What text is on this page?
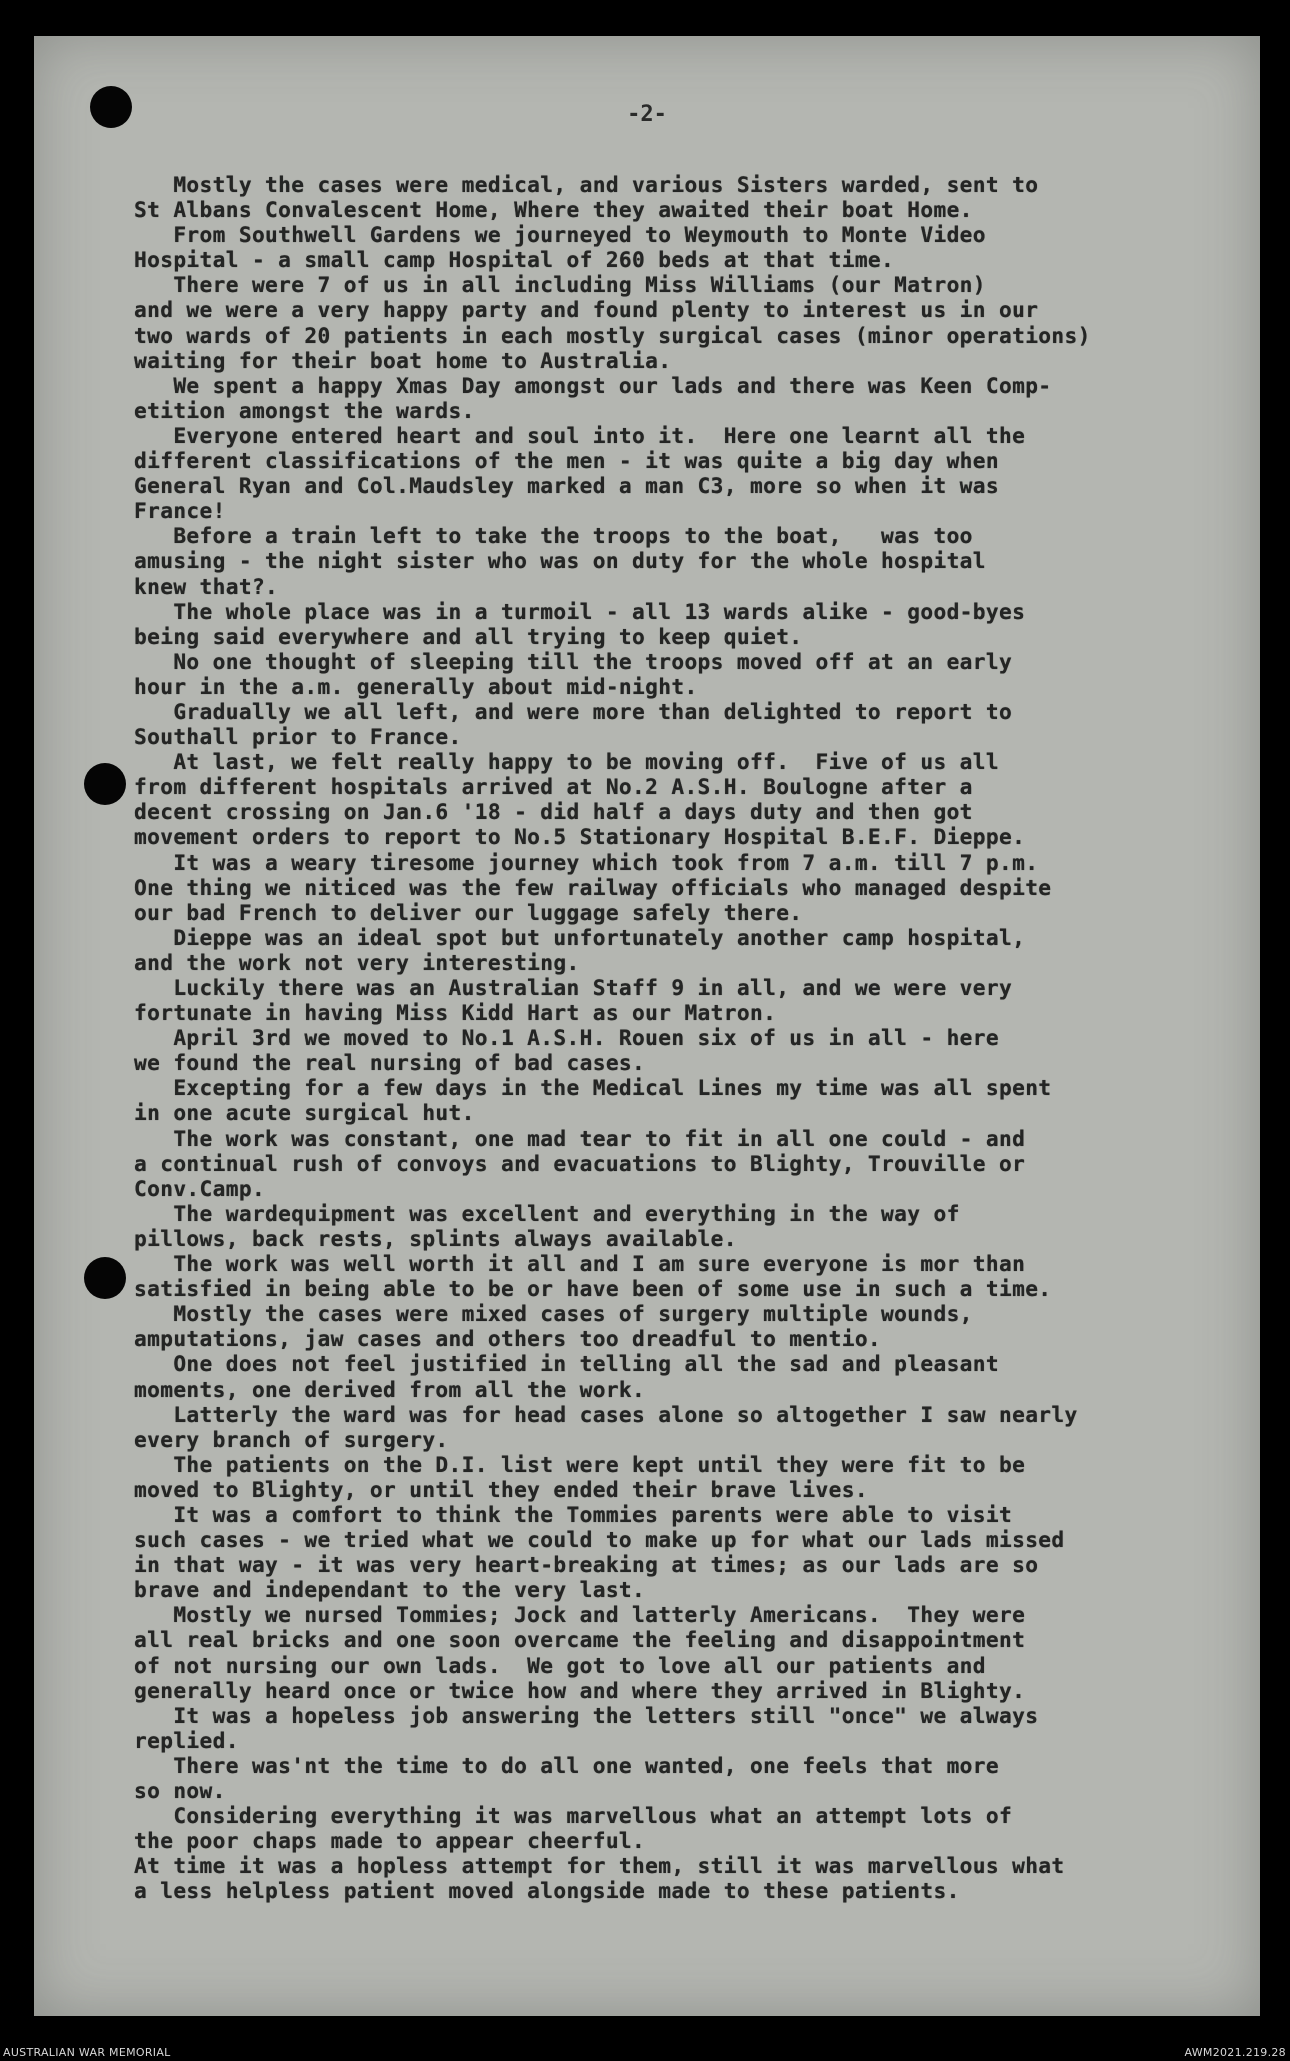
-2-
Mostly the cases were medical, and various Sisters warded, sent to
St Albans Convalescent Home, Where they awaited their boat Home.
From Southwell Gardens we journeyed to Weymouth to Monte Video
Hospital - a small camp Hospital of 260 beds at that time.
There were 7 of us in all including Miss Williams (our Matron)
and we were a very happy party and found plenty to interest us in our
two wards of 20 patients in each mostly surgical cases (minor operations)
waiting for their boat home to Australia.
We spent a happy Xmas Day amongst our lads and there was Keen Comp-
etition amongst the wards.
Everyone entered heart and soul into it.  Here one learnt all the
different classifications of the men - it was quite a big day when
General Ryan and Col.Maudsley marked a man C3, more so when it was
France!
Before a train left to take the troops to the boat,   was too
amusing - the night sister who was on duty for the whole hospital
knew that?.
The whole place was in a turmoil - all 13 wards alike - good-byes
being said everywhere and all trying to keep quiet.
No one thought of sleeping till the troops moved off at an early
hour in the a.m. generally about mid-night.
Gradually we all left, and were more than delighted to report to
Southall prior to France.
At last, we felt really happy to be moving off.  Five of us all
from different hospitals arrived at No.2 A.S.H. Boulogne after a
decent crossing on Jan.6 '18 - did half a days duty and then got
movement orders to report to No.5 Stationary Hospital B.E.F. Dieppe.
It was a weary tiresome journey which took from 7 a.m. till 7 p.m.
One thing we niticed was the few railway officials who managed despite
our bad French to deliver our luggage safely there.
Dieppe was an ideal spot but unfortunately another camp hospital,
and the work not very interesting.
Luckily there was an Australian Staff 9 in all, and we were very
fortunate in having Miss Kidd Hart as our Matron.
April 3rd we moved to No.1 A.S.H. Rouen six of us in all - here
we found the real nursing of bad cases.
Excepting for a few days in the Medical Lines my time was all spent
in one acute surgical hut.
The work was constant, one mad tear to fit in all one could - and
a continual rush of convoys and evacuations to Blighty, Trouville or
Conv.Camp.
The wardequipment was excellent and everything in the way of
pillows, back rests, splints always available.
The work was well worth it all and I am sure everyone is mor than
satisfied in being able to be or have been of some use in such a time.
Mostly the cases were mixed cases of surgery multiple wounds,
amputations, jaw cases and others too dreadful to mentio.
One does not feel justified in telling all the sad and pleasant
moments, one derived from all the work.
Latterly the ward was for head cases alone so altogether I saw nearly
every branch of surgery.
The patients on the D.I. list were kept until they were fit to be
moved to Blighty, or until they ended their brave lives.
It was a comfort to think the Tommies parents were able to visit
such cases - we tried what we could to make up for what our lads missed
in that way - it was very heart-breaking at times; as our lads are so
brave and independant to the very last.
Mostly we nursed Tommies; Jock and latterly Americans.  They were
all real bricks and one soon overcame the feeling and disappointment
of not nursing our own lads.  We got to love all our patients and
generally heard once or twice how and where they arrived in Blighty.
It was a hopeless job answering the letters still "once" we always
replied.
There was'nt the time to do all one wanted, one feels that more
so now.
Considering everything it was marvellous what an attempt lots of
the poor chaps made to appear cheerful.
At time it was a hopless attempt for them, still it was marvellous what
a less helpless patient moved alongside made to these patients.
AUSTRALIAN WAR MEMORIAL	AWM2021.219.28
